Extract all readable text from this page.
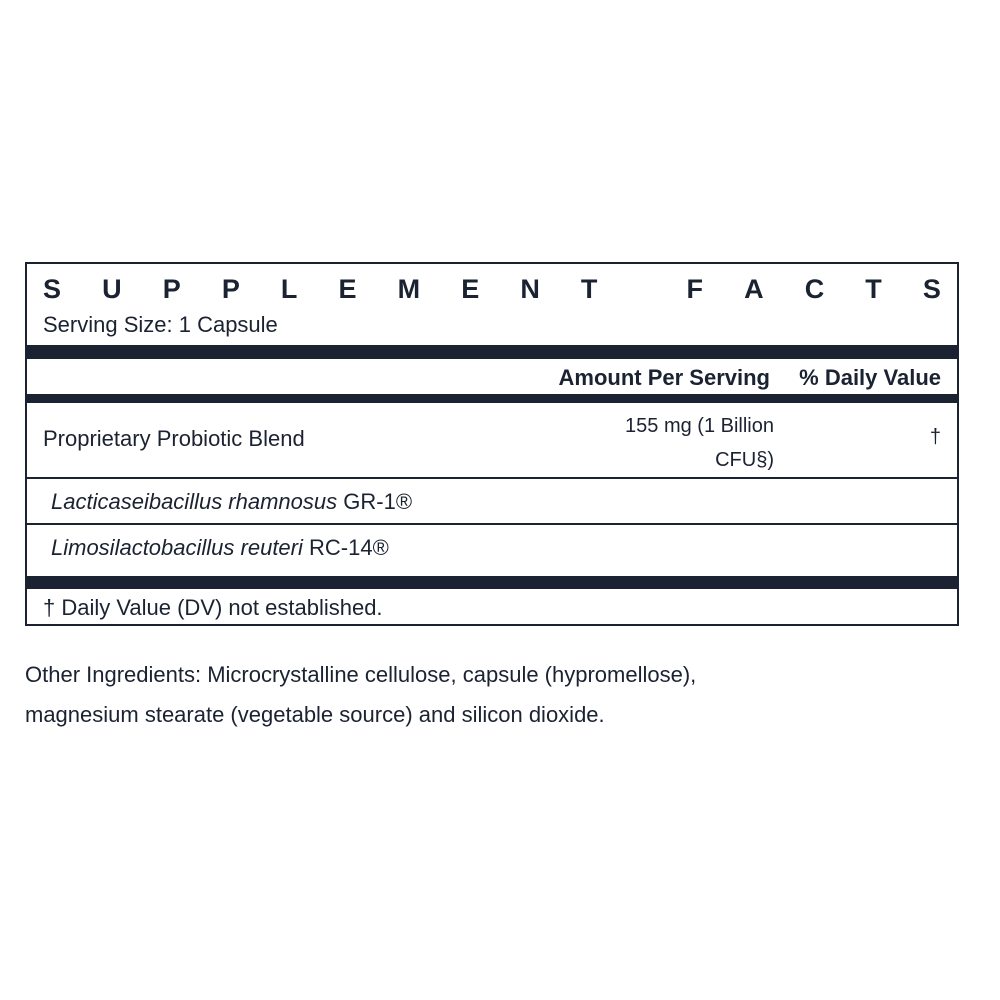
S U P P L E M E N T	F A C T S
Serving Size: 1 Capsule
Amount Per Serving % Daily Value
Proprietary Probiotic Blend	155 mg (1 Billion
CFU§)
†
Lacticaseibacillus rhamnosus GR-1®
Limosilactobacillus reuteri RC-14®
† Daily Value (DV) not established.
Other Ingredients: Microcrystalline cellulose, capsule (hypromellose),
magnesium stearate (vegetable source) and silicon dioxide.
